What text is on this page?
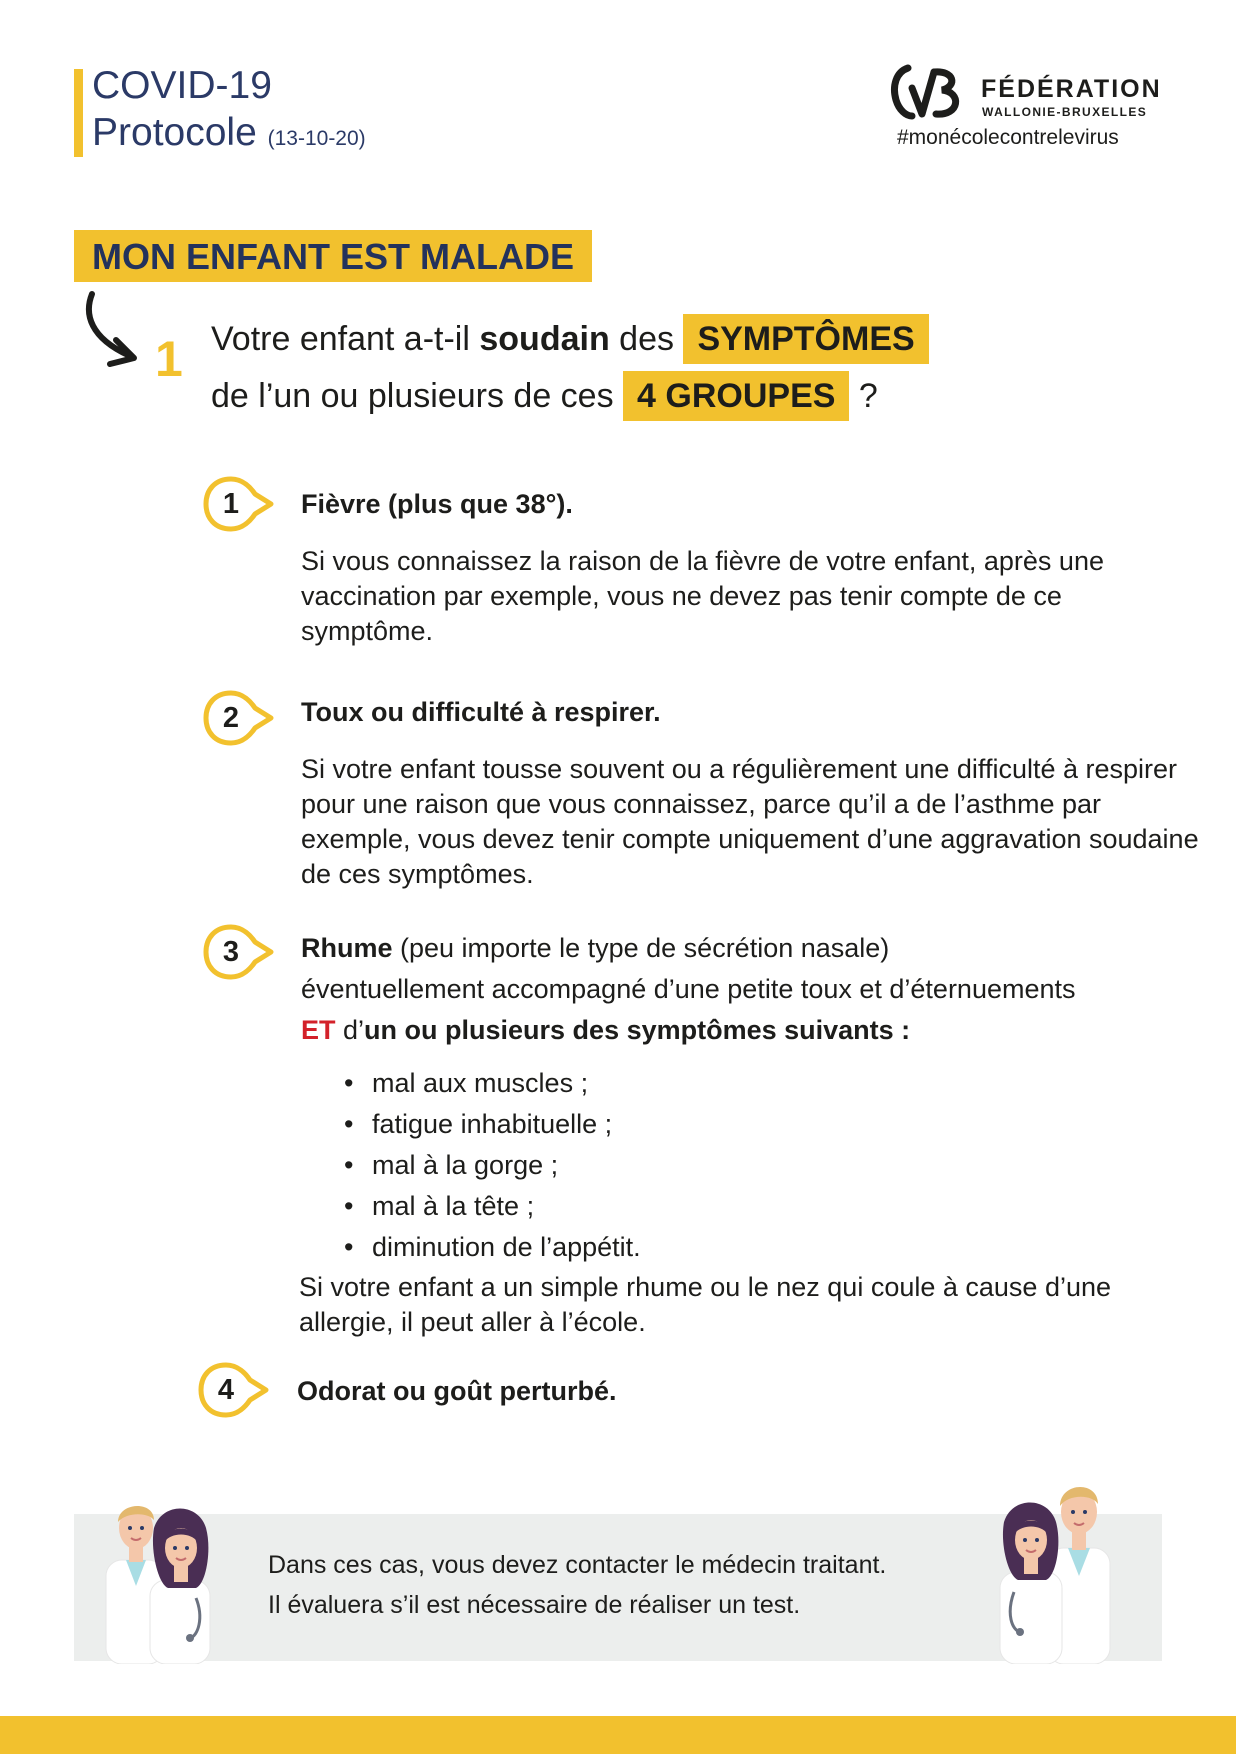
COVID-19
Protocole (13-10-20)
FÉDÉRATION
WALLONIE-BRUXELLES
#monécolecontrelevirus
MON ENFANT EST MALADE
1 Votre enfant a-t-il soudain des SYMPTÔMES
de l’un ou plusieurs de ces 4 GROUPES ?
1	Fièvre (plus que 38°).
Si vous connaissez la raison de la fièvre de votre enfant, après une vaccination par exemple, vous ne devez pas tenir compte de ce symptôme.
2	Toux ou difficulté à respirer.
Si votre enfant tousse souvent ou a régulièrement une difficulté à respirer pour une raison que vous connaissez, parce qu’il a de l’asthme par exemple, vous devez tenir compte uniquement d’une aggravation soudaine de ces symptômes.
3	Rhume (peu importe le type de sécrétion nasale)
éventuellement accompagné d’une petite toux et d’éternuements
ET d’un ou plusieurs des symptômes suivants :
• mal aux muscles ;
• fatigue inhabituelle ;
• mal à la gorge ;
• mal à la tête ;
• diminution de l’appétit.
Si votre enfant a un simple rhume ou le nez qui coule à cause d’une allergie, il peut aller à l’école.
4	Odorat ou goût perturbé.
Dans ces cas, vous devez contacter le médecin traitant.
Il évaluera s’il est nécessaire de réaliser un test.
